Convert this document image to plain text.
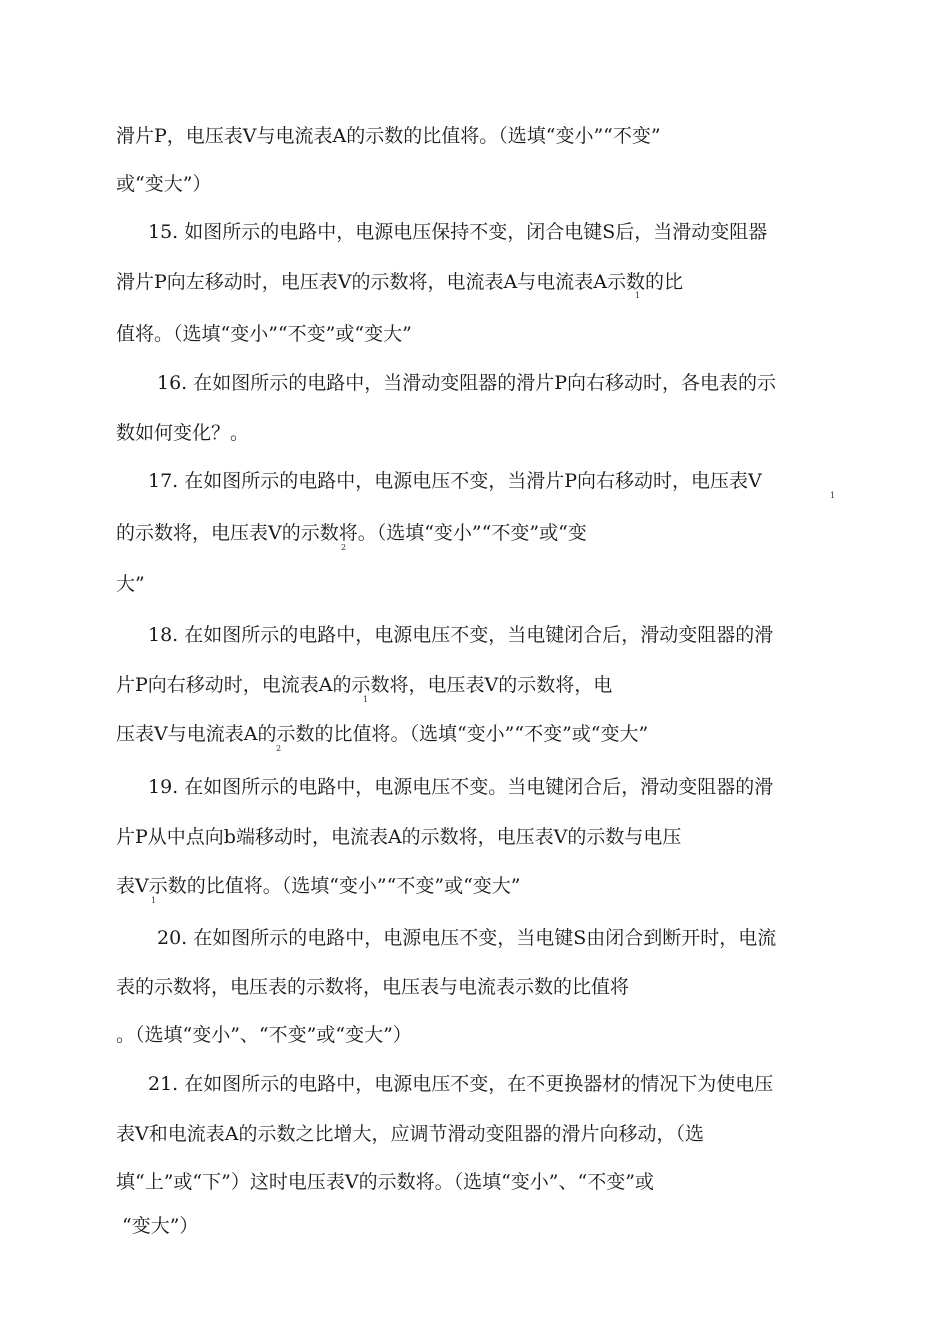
滑片P，电压表V与电流表A的示数的比值将。（选填“变小”“不变”
或“变大”）
15. 如图所示的电路中，电源电压保持不变，闭合电键S后，当滑动变阻器
滑片P向左移动时，电压表V的示数将，电流表A与电流表A示数的比
1
值将。（选填“变小”“不变”或“变大”
16. 在如图所示的电路中，当滑动变阻器的滑片P向右移动时，各电表的示
数如何变化？。
17. 在如图所示的电路中，电源电压不变，当滑片P向右移动时，电压表V
1
的示数将，电压表V的示数将。（选填“变小”“不变”或“变
2
大”
18. 在如图所示的电路中，电源电压不变，当电键闭合后，滑动变阻器的滑
片P向右移动时，电流表A的示数将，电压表V的示数将，电
1
压表V与电流表A的示数的比值将。（选填“变小”“不变”或“变大”
2
19. 在如图所示的电路中，电源电压不变。当电键闭合后，滑动变阻器的滑
片P从中点向b端移动时，电流表A的示数将，电压表V的示数与电压
表V示数的比值将。（选填“变小”“不变”或“变大”
1
20. 在如图所示的电路中，电源电压不变，当电键S由闭合到断开时，电流
表的示数将，电压表的示数将，电压表与电流表示数的比值将
。（选填“变小”、“不变”或“变大”）
21. 在如图所示的电路中，电源电压不变，在不更换器材的情况下为使电压
表V和电流表A的示数之比增大，应调节滑动变阻器的滑片向移动，（选
填“上”或“下”）这时电压表V的示数将。（选填“变小”、“不变”或
“变大”）
